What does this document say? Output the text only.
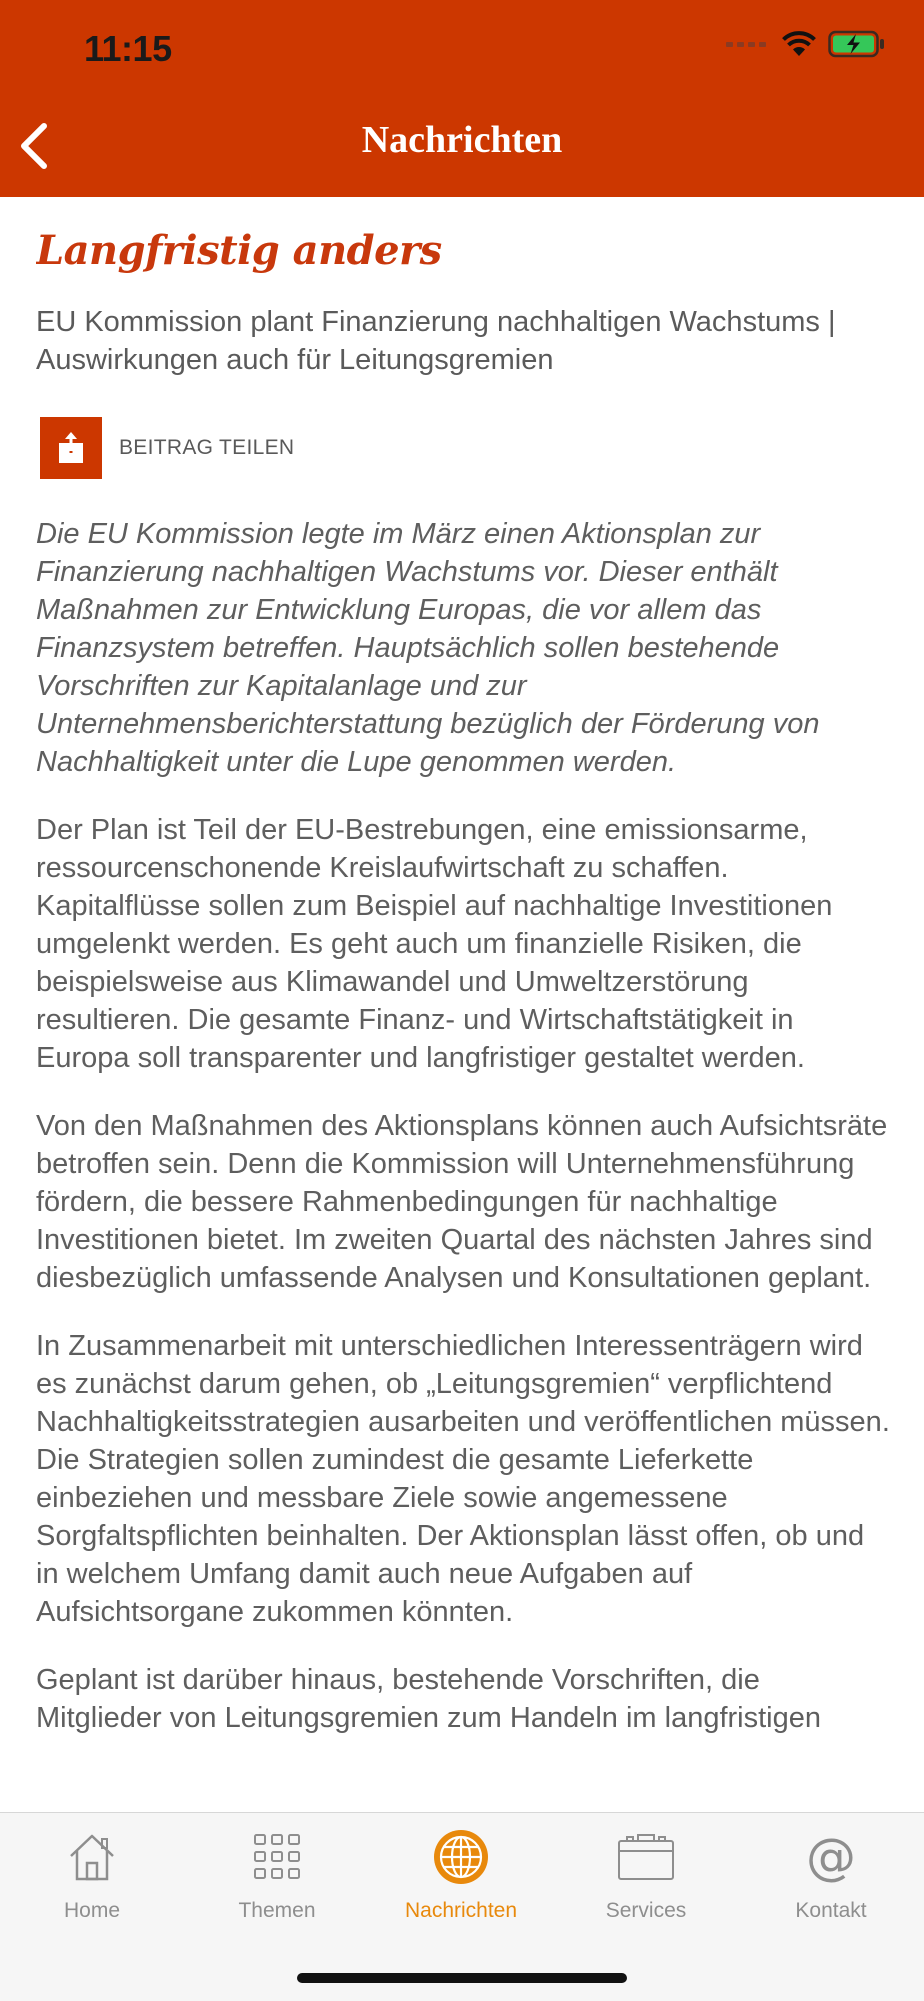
11:15
Nachrichten
Langfristig anders
EU Kommission plant Finanzierung nachhaltigen Wachstums | Auswirkungen auch für Leitungsgremien
BEITRAG TEILEN

Die EU Kommission legte im März einen Aktionsplan zur Finanzierung nachhaltigen Wachstums vor. Dieser enthält Maßnahmen zur Entwicklung Europas, die vor allem das Finanzsystem betreffen. Hauptsächlich sollen bestehende Vorschriften zur Kapitalanlage und zur Unternehmensberichterstattung bezüglich der Förderung von Nachhaltigkeit unter die Lupe genommen werden.

Der Plan ist Teil der EU-Bestrebungen, eine emissionsarme, ressourcenschonende Kreislaufwirtschaft zu schaffen. Kapitalflüsse sollen zum Beispiel auf nachhaltige Investitionen umgelenkt werden. Es geht auch um finanzielle Risiken, die beispielsweise aus Klimawandel und Umweltzerstörung resultieren. Die gesamte Finanz- und Wirtschaftstätigkeit in Europa soll transparenter und langfristiger gestaltet werden.

Von den Maßnahmen des Aktionsplans können auch Aufsichtsräte betroffen sein. Denn die Kommission will Unternehmensführung fördern, die bessere Rahmenbedingungen für nachhaltige Investitionen bietet. Im zweiten Quartal des nächsten Jahres sind diesbezüglich umfassende Analysen und Konsultationen geplant.

In Zusammenarbeit mit unterschiedlichen Interessenträgern wird es zunächst darum gehen, ob „Leitungsgremien“ verpflichtend Nachhaltigkeitsstrategien ausarbeiten und veröffentlichen müssen. Die Strategien sollen zumindest die gesamte Lieferkette einbeziehen und messbare Ziele sowie angemessene Sorgfaltspflichten beinhalten. Der Aktionsplan lässt offen, ob und in welchem Umfang damit auch neue Aufgaben auf Aufsichtsorgane zukommen könnten.

Geplant ist darüber hinaus, bestehende Vorschriften, die Mitglieder von Leitungsgremien zum Handeln im langfristigen

Home	Themen	Nachrichten	Services
@
Kontakt
